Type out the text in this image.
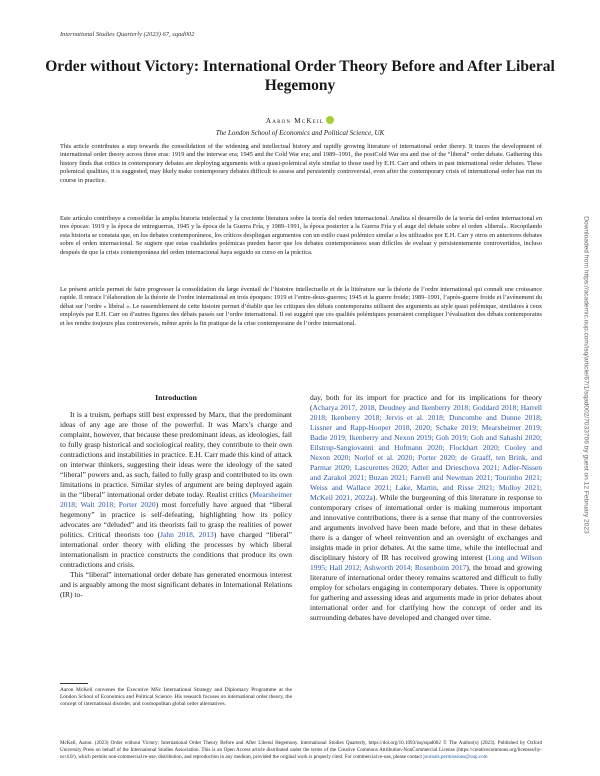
International Studies Quarterly (2023) 67, sqad002
Order without Victory: International Order Theory Before and After Liberal Hegemony
Aaron McKeil
The London School of Economics and Political Science, UK

This article contributes a step towards the consolidation of the widening and intellectual history and rapidly growing literature of international order theory. It traces the development of international order theory across three eras: 1919 and the interwar era; 1945 and the Cold War era; and 1989–1991, the postCold War era and rise of the “liberal” order debate. Gathering this history finds that critics in contemporary debates are deploying arguments with a quasi-polemical style similar to those used by E.H. Carr and others in past international order debates. These polemical qualities, it is suggested, may likely make contemporary debates difficult to assess and persistently controversial, even after the contemporary crisis of international order has run its course in practice.

Este artículo contribuye a consolidar la amplia historia intelectual y la creciente literatura sobre la teoría del orden internacional. Analiza el desarrollo de la teoría del orden internacional en tres épocas: 1919 y la época de entreguerras, 1945 y la época de la Guerra Fría, y 1989–1991, la época posterior a la Guerra Fría y el auge del debate sobre el orden «liberal». Recopilando esta historia se constata que, en los debates contemporáneos, los críticos despliegan argumentos con un estilo cuasi polémico similar a los utilizados por E.H. Carr y otros en anteriores debates sobre el orden internacional. Se sugiere que estas cualidades polémicas pueden hacer que los debates contemporáneos sean difíciles de evaluar y persistentemente controvertidos, incluso después de que la crisis contemporánea del orden internacional haya seguido su curso en la práctica.

Le présent article permet de faire progresser la consolidation du large éventail de l’histoire intellectuelle et de la littérature sur la théorie de l’ordre international qui connaît une croissance rapide. Il retrace l’élaboration de la théorie de l’ordre international en trois époques: 1919 et l’entre-deux-guerres; 1945 et la guerre froide; 1989–1991, l’après-guerre froide et l’avènement du débat sur l’ordre « libéral ». Le rassemblement de cette histoire permet d’établir que les critiques des débats contemporains utilisent des arguments au style quasi polémique, similaires à ceux employés par E.H. Carr ou d’autres figures des débats passés sur l’ordre international. Il est suggéré que ces qualités polémiques pourraient compliquer l’évaluation des débats contemporains et les rendre toujours plus controversés, même après la fin pratique de la crise contemporaine de l’ordre international.

Introduction

It is a truism, perhaps still best expressed by Marx, that the predominant ideas of any age are those of the powerful. It was Marx’s charge and complaint, however, that because these predominant ideas, as ideologies, fail to fully grasp historical and sociological reality, they contribute to their own contradictions and instabilities in practice. E.H. Carr made this kind of attack on interwar thinkers, suggesting their ideas were the ideology of the sated “liberal” powers and, as such, failed to fully grasp and contributed to its own limitations in practice. Similar styles of argument are being deployed again in the “liberal” international order debate today. Realist critics (Mearsheimer 2018; Walt 2018; Porter 2020) most forcefully have argued that “liberal hegemony” in practice is self-defeating, highlighting how its policy advocates are “deluded” and its theorists fail to grasp the realities of power politics. Critical theorists too (Jahn 2018, 2013) have charged “liberal” international order theory with eliding the processes by which liberal internationalism in practice constructs the conditions that produce its own contradictions and crisis.

This “liberal” international order debate has generated enormous interest and is arguably among the most significant debates in International Relations (IR) to-

day, both for its import for practice and for its implications for theory (Acharya 2017, 2018, Deudney and Ikenberry 2018; Goddard 2018; Harrell 2018; Ikenberry 2018; Jervis et al. 2018; Duncombe and Dunne 2018; Lissner and Rapp-Hooper 2018, 2020; Schake 2019; Mearsheimer 2019; Badie 2019; Ikenberry and Nexon 2019; Goh 2019; Goh and Sahashi 2020; Eilstrup-Sangiovanni and Hofmann 2020; Flockhart 2020; Cooley and Nexon 2020; Norlof et al. 2020; Porter 2020; de Graaff, ten Brink, and Parmar 2020; Lascurettes 2020; Adler and Drieschova 2021; Adler-Nissen and Zarakol 2021; Buzan 2021; Farrell and Newman 2021; Tourinho 2021; Weiss and Wallace 2021; Lake, Martin, and Risse 2021; Molloy 2021; McKeil 2021, 2022a). While the burgeoning of this literature in response to contemporary crises of international order is making numerous important and innovative contributions, there is a sense that many of the controversies and arguments involved have been made before, and that in these debates there is a danger of wheel reinvention and an oversight of exchanges and insights made in prior debates. At the same time, while the intellectual and disciplinary history of IR has received growing interest (Long and Wilson 1995; Hall 2012; Ashworth 2014; Rosenboim 2017), the broad and growing literature of international order theory remains scattered and difficult to fully employ for scholars engaging in contemporary debates. There is opportunity for gathering and assessing ideas and arguments made in prior debates about international order and for clarifying how the concept of order and its surrounding debates have developed and changed over time.

Aaron McKeil convenes the Executive MSc International Strategy and Diplomacy Programme at the London School of Economics and Political Science. His research focuses on international order theory, the concept of international disorder, and cosmopolitan global order alternatives.

McKeil, Aaron. (2023) Order without Victory: International Order Theory Before and After Liberal Hegemony. International Studies Quarterly, https://doi.org/10.1093/isq/sqad002 © The Author(s) (2023). Published by Oxford University Press on behalf of the International Studies Association. This is an Open Access article distributed under the terms of the Creative Commons Attribution-NonCommercial License (https://creativecommons.org/licenses/by-nc/4.0/), which permits non-commercial re-use, distribution, and reproduction in any medium, provided the original work is properly cited. For commercial re-use, please contact journals.permissions@oup.com

Downloaded from https://academic.oup.com/isq/article/67/1/sqad002/7033706 by guest on 12 February 2023
